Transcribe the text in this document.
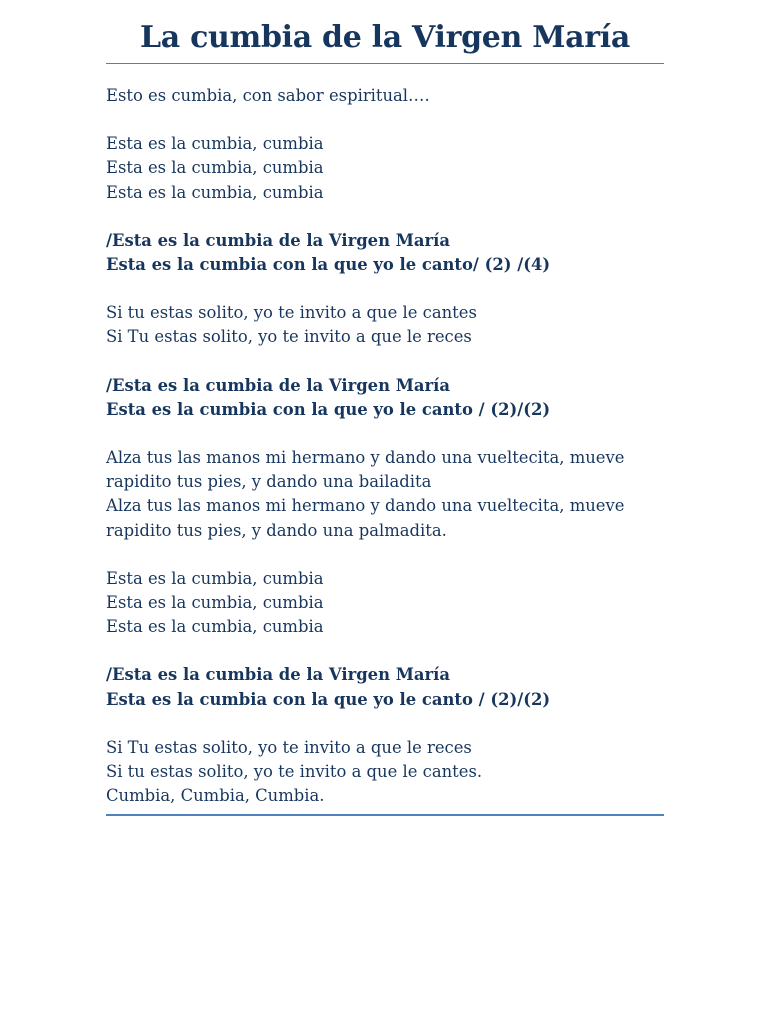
La cumbia de la Virgen María

Esto es cumbia, con sabor espiritual….

Esta es la cumbia, cumbia
Esta es la cumbia, cumbia
Esta es la cumbia, cumbia

/Esta es la cumbia de la Virgen María
Esta es la cumbia con la que yo le canto/ (2) /(4)

Si tu estas solito, yo te invito a que le cantes
Si Tu estas solito, yo te invito a que le reces

/Esta es la cumbia de la Virgen María
Esta es la cumbia con la que yo le canto / (2)/(2)

Alza tus las manos mi hermano y dando una vueltecita, mueve
rapidito tus pies, y dando una bailadita
Alza tus las manos mi hermano y dando una vueltecita, mueve
rapidito tus pies, y dando una palmadita.

Esta es la cumbia, cumbia
Esta es la cumbia, cumbia
Esta es la cumbia, cumbia

/Esta es la cumbia de la Virgen María
Esta es la cumbia con la que yo le canto / (2)/(2)

Si Tu estas solito, yo te invito a que le reces
Si tu estas solito, yo te invito a que le cantes.
Cumbia, Cumbia, Cumbia.
